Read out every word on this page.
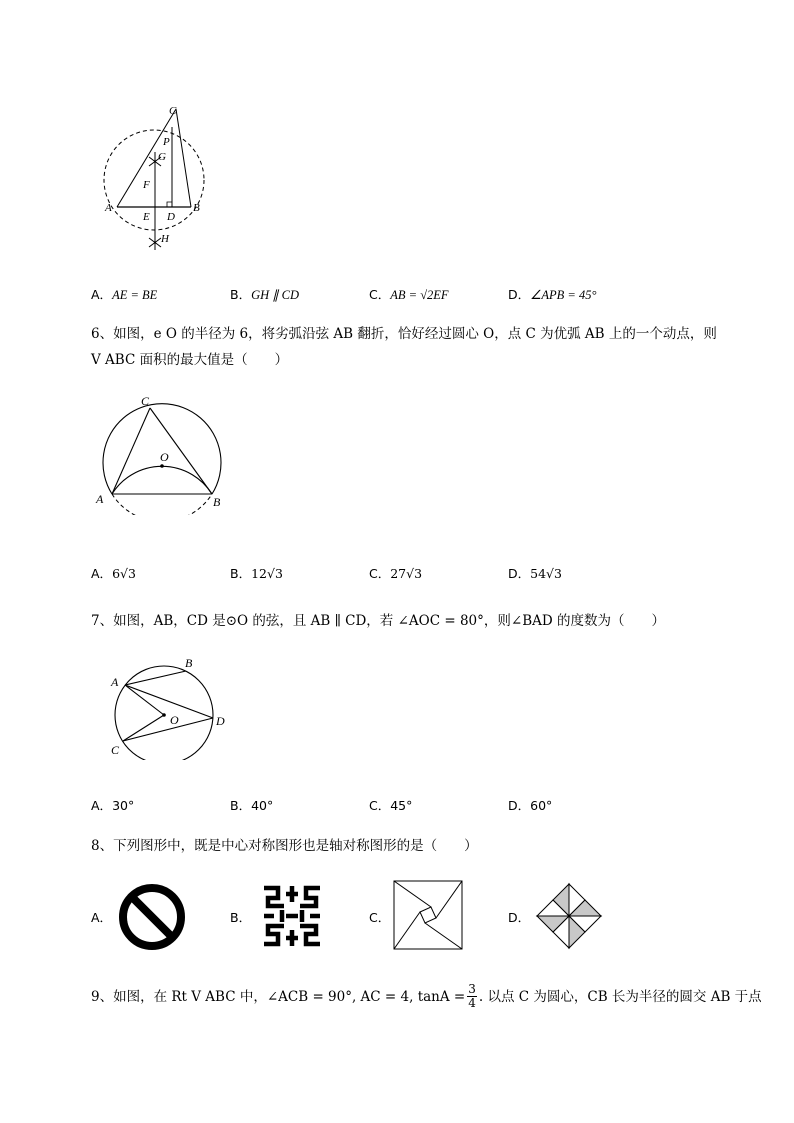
C
P
G
F
A
E D
B
H
A．AE = BE	B．GH ∥ CD	C．AB = √2EF	D．∠APB = 45°
6、如图，e O 的半径为 6，将劣弧沿弦 AB 翻折，恰好经过圆心 O，点 C 为优弧 AB 上的一个动点，则
V ABC 面积的最大值是（　　）
C
O
A	B
A．6√3	B．12√3	C．27√3	D．54√3
7、如图，AB，CD 是⊙O 的弦，且 AB ∥ CD，若 ∠AOC = 80°，则∠BAD 的度数为（　　）
A
B
O	D
C
A．30°	B．40°	C．45°	D．60°
8、下列图形中，既是中心对称图形也是轴对称图形的是（　　）
A．	B．	C．	D．
9、如图，在 Rt V ABC 中，∠ACB = 90°, AC = 4, $\tan A = \frac{3}{4}$ . 以点 C 为圆心，CB 长为半径的圆交 AB 于点
